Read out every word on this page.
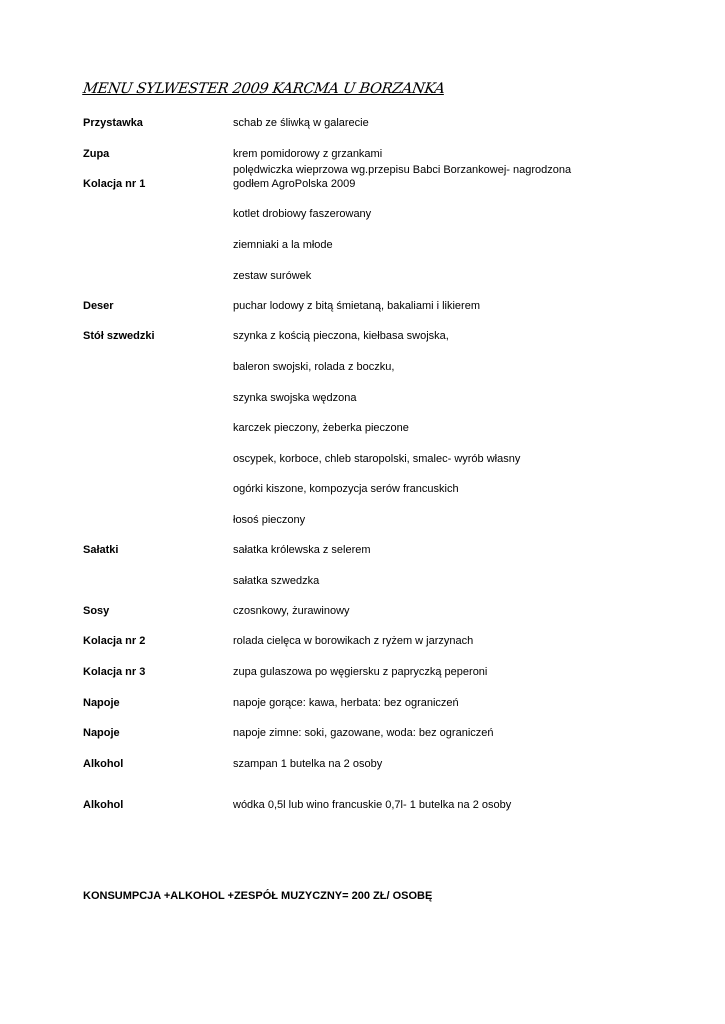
MENU SYLWESTER 2009 KARCMA U BORZANKA
Przystawka
Zupa
Kolacja nr 1
Deser
Stół szwedzki
Sałatki
Sosy
Kolacja nr 2
Kolacja nr 3
Napoje
Napoje
Alkohol
Alkohol
schab ze śliwką w galarecie
krem pomidorowy z grzankami
polędwiczka wieprzowa wg.przepisu Babci Borzankowej- nagrodzona
godłem AgroPolska 2009
kotlet drobiowy faszerowany
ziemniaki a la młode
zestaw surówek
puchar lodowy z bitą śmietaną, bakaliami i likierem
szynka z kością pieczona, kiełbasa swojska,
baleron swojski, rolada z boczku,
szynka swojska wędzona
karczek pieczony, żeberka pieczone
oscypek, korboce, chleb staropolski, smalec- wyrób własny
ogórki kiszone, kompozycja serów francuskich
łosoś pieczony
sałatka królewska z selerem
sałatka szwedzka
czosnkowy, żurawinowy
rolada cielęca w borowikach z ryżem w jarzynach
zupa gulaszowa po węgiersku z papryczką peperoni
napoje gorące: kawa, herbata: bez ograniczeń
napoje zimne: soki, gazowane, woda: bez ograniczeń
szampan 1 butelka na 2 osoby
wódka 0,5l lub wino francuskie 0,7l- 1 butelka na 2 osoby
KONSUMPCJA +ALKOHOL +ZESPÓŁ MUZYCZNY= 200 ZŁ/ OSOBĘ
